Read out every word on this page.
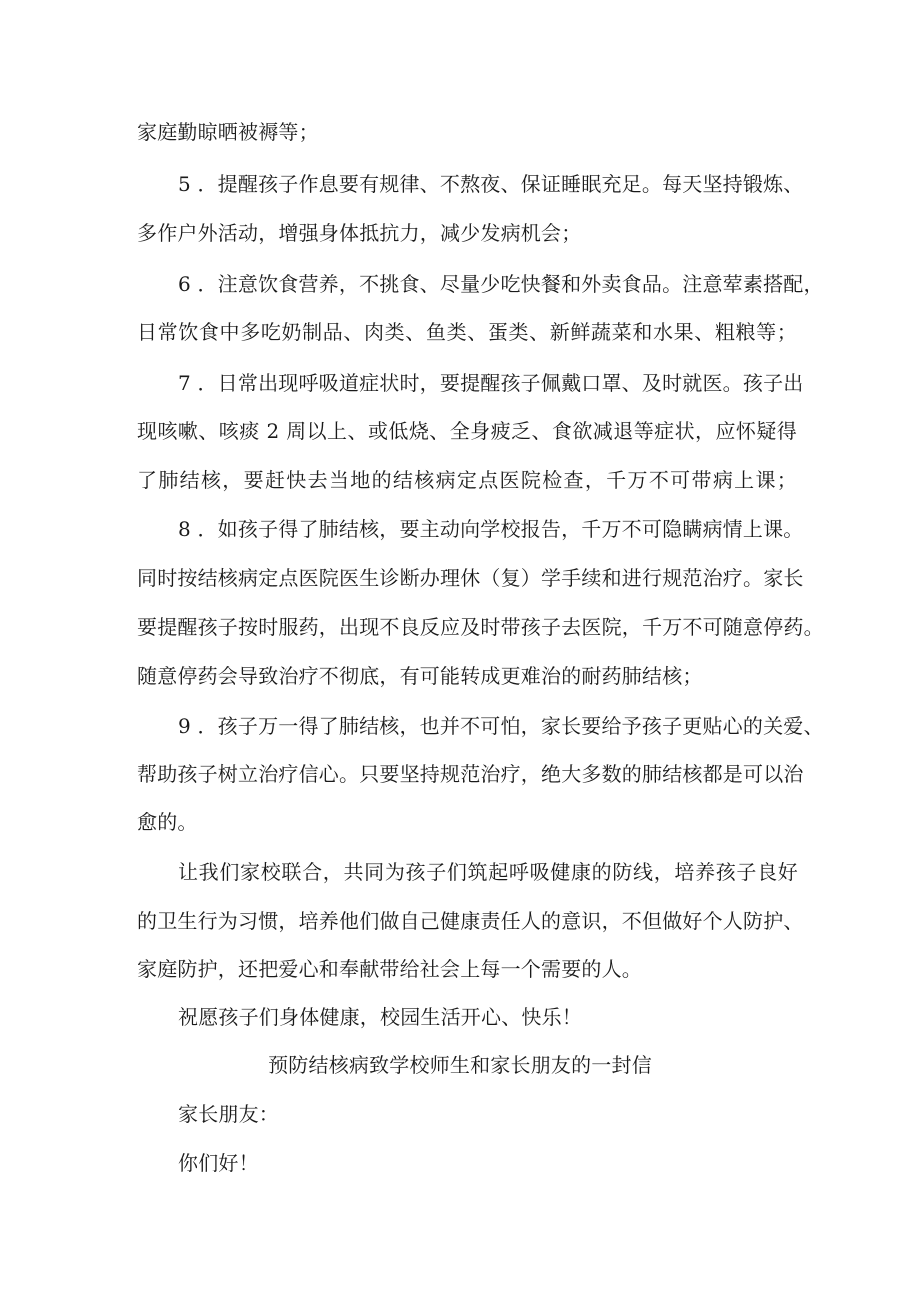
家庭勤晾晒被褥等；
5 ．提醒孩子作息要有规律、不熬夜、保证睡眠充足。每天坚持锻炼、
多作户外活动，增强身体抵抗力，减少发病机会；
6 ．注意饮食营养，不挑食、尽量少吃快餐和外卖食品。注意荤素搭配，
日常饮食中多吃奶制品、肉类、鱼类、蛋类、新鲜蔬菜和水果、粗粮等；
7 ．日常出现呼吸道症状时，要提醒孩子佩戴口罩、及时就医。孩子出
现咳嗽、咳痰 2 周以上、或低烧、全身疲乏、食欲减退等症状，应怀疑得
了肺结核，要赶快去当地的结核病定点医院检查，千万不可带病上课；
8 ．如孩子得了肺结核，要主动向学校报告，千万不可隐瞒病情上课。
同时按结核病定点医院医生诊断办理休（复）学手续和进行规范治疗。家长
要提醒孩子按时服药，出现不良反应及时带孩子去医院，千万不可随意停药。
随意停药会导致治疗不彻底，有可能转成更难治的耐药肺结核；
9 ．孩子万一得了肺结核，也并不可怕，家长要给予孩子更贴心的关爱、
帮助孩子树立治疗信心。只要坚持规范治疗，绝大多数的肺结核都是可以治
愈的。
让我们家校联合，共同为孩子们筑起呼吸健康的防线，培养孩子良好
的卫生行为习惯，培养他们做自己健康责任人的意识，不但做好个人防护、
家庭防护，还把爱心和奉献带给社会上每一个需要的人。
祝愿孩子们身体健康，校园生活开心、快乐！
预防结核病致学校师生和家长朋友的一封信
家长朋友：
你们好！
